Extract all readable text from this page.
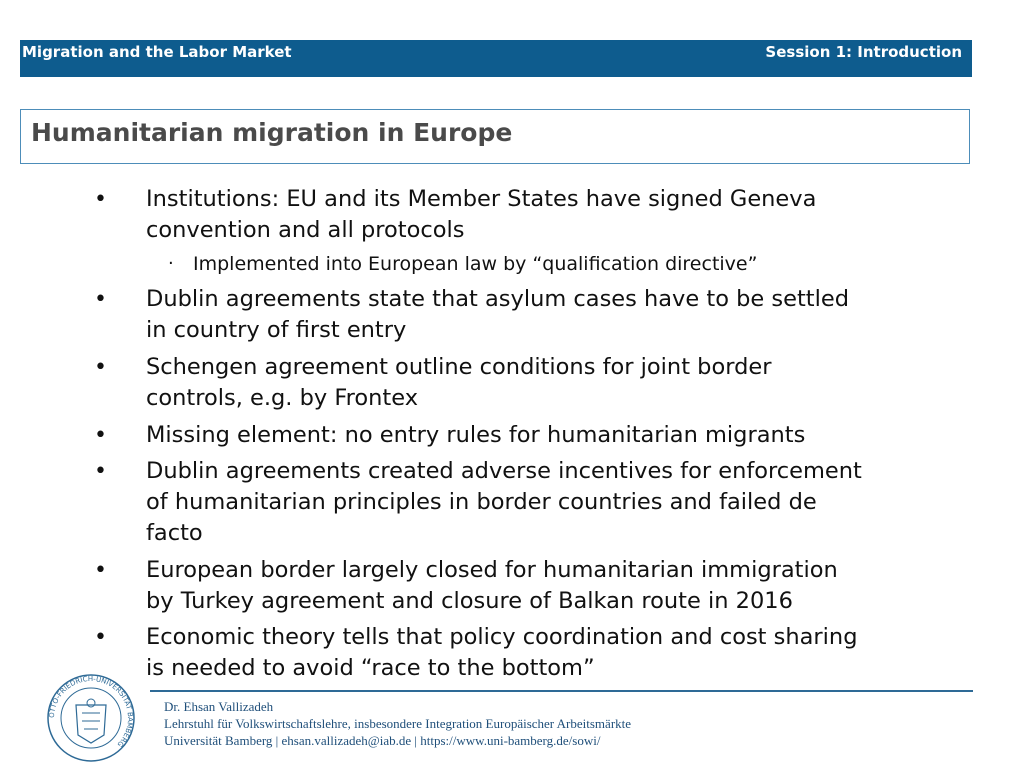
Migration and the Labor Market	Session 1: Introduction
Humanitarian migration in Europe
• Institutions: EU and its Member States have signed Geneva
convention and all protocols
· Implemented into European law by “qualification directive”
• Dublin agreements state that asylum cases have to be settled
in country of first entry
• Schengen agreement outline conditions for joint border
controls, e.g. by Frontex
• Missing element: no entry rules for humanitarian migrants
• Dublin agreements created adverse incentives for enforcement
of humanitarian principles in border countries and failed de
facto
• European border largely closed for humanitarian immigration
by Turkey agreement and closure of Balkan route in 2016
• Economic theory tells that policy coordination and cost sharing
is needed to avoid “race to the bottom”
OTTO-FRIEDRICH-UNIVERSITÄT BAMBERG
Dr. Ehsan Vallizadeh
Lehrstuhl für Volkswirtschaftslehre, insbesondere Integration Europäischer Arbeitsmärkte
Universität Bamberg | ehsan.vallizadeh@iab.de | https://www.uni-bamberg.de/sowi/
